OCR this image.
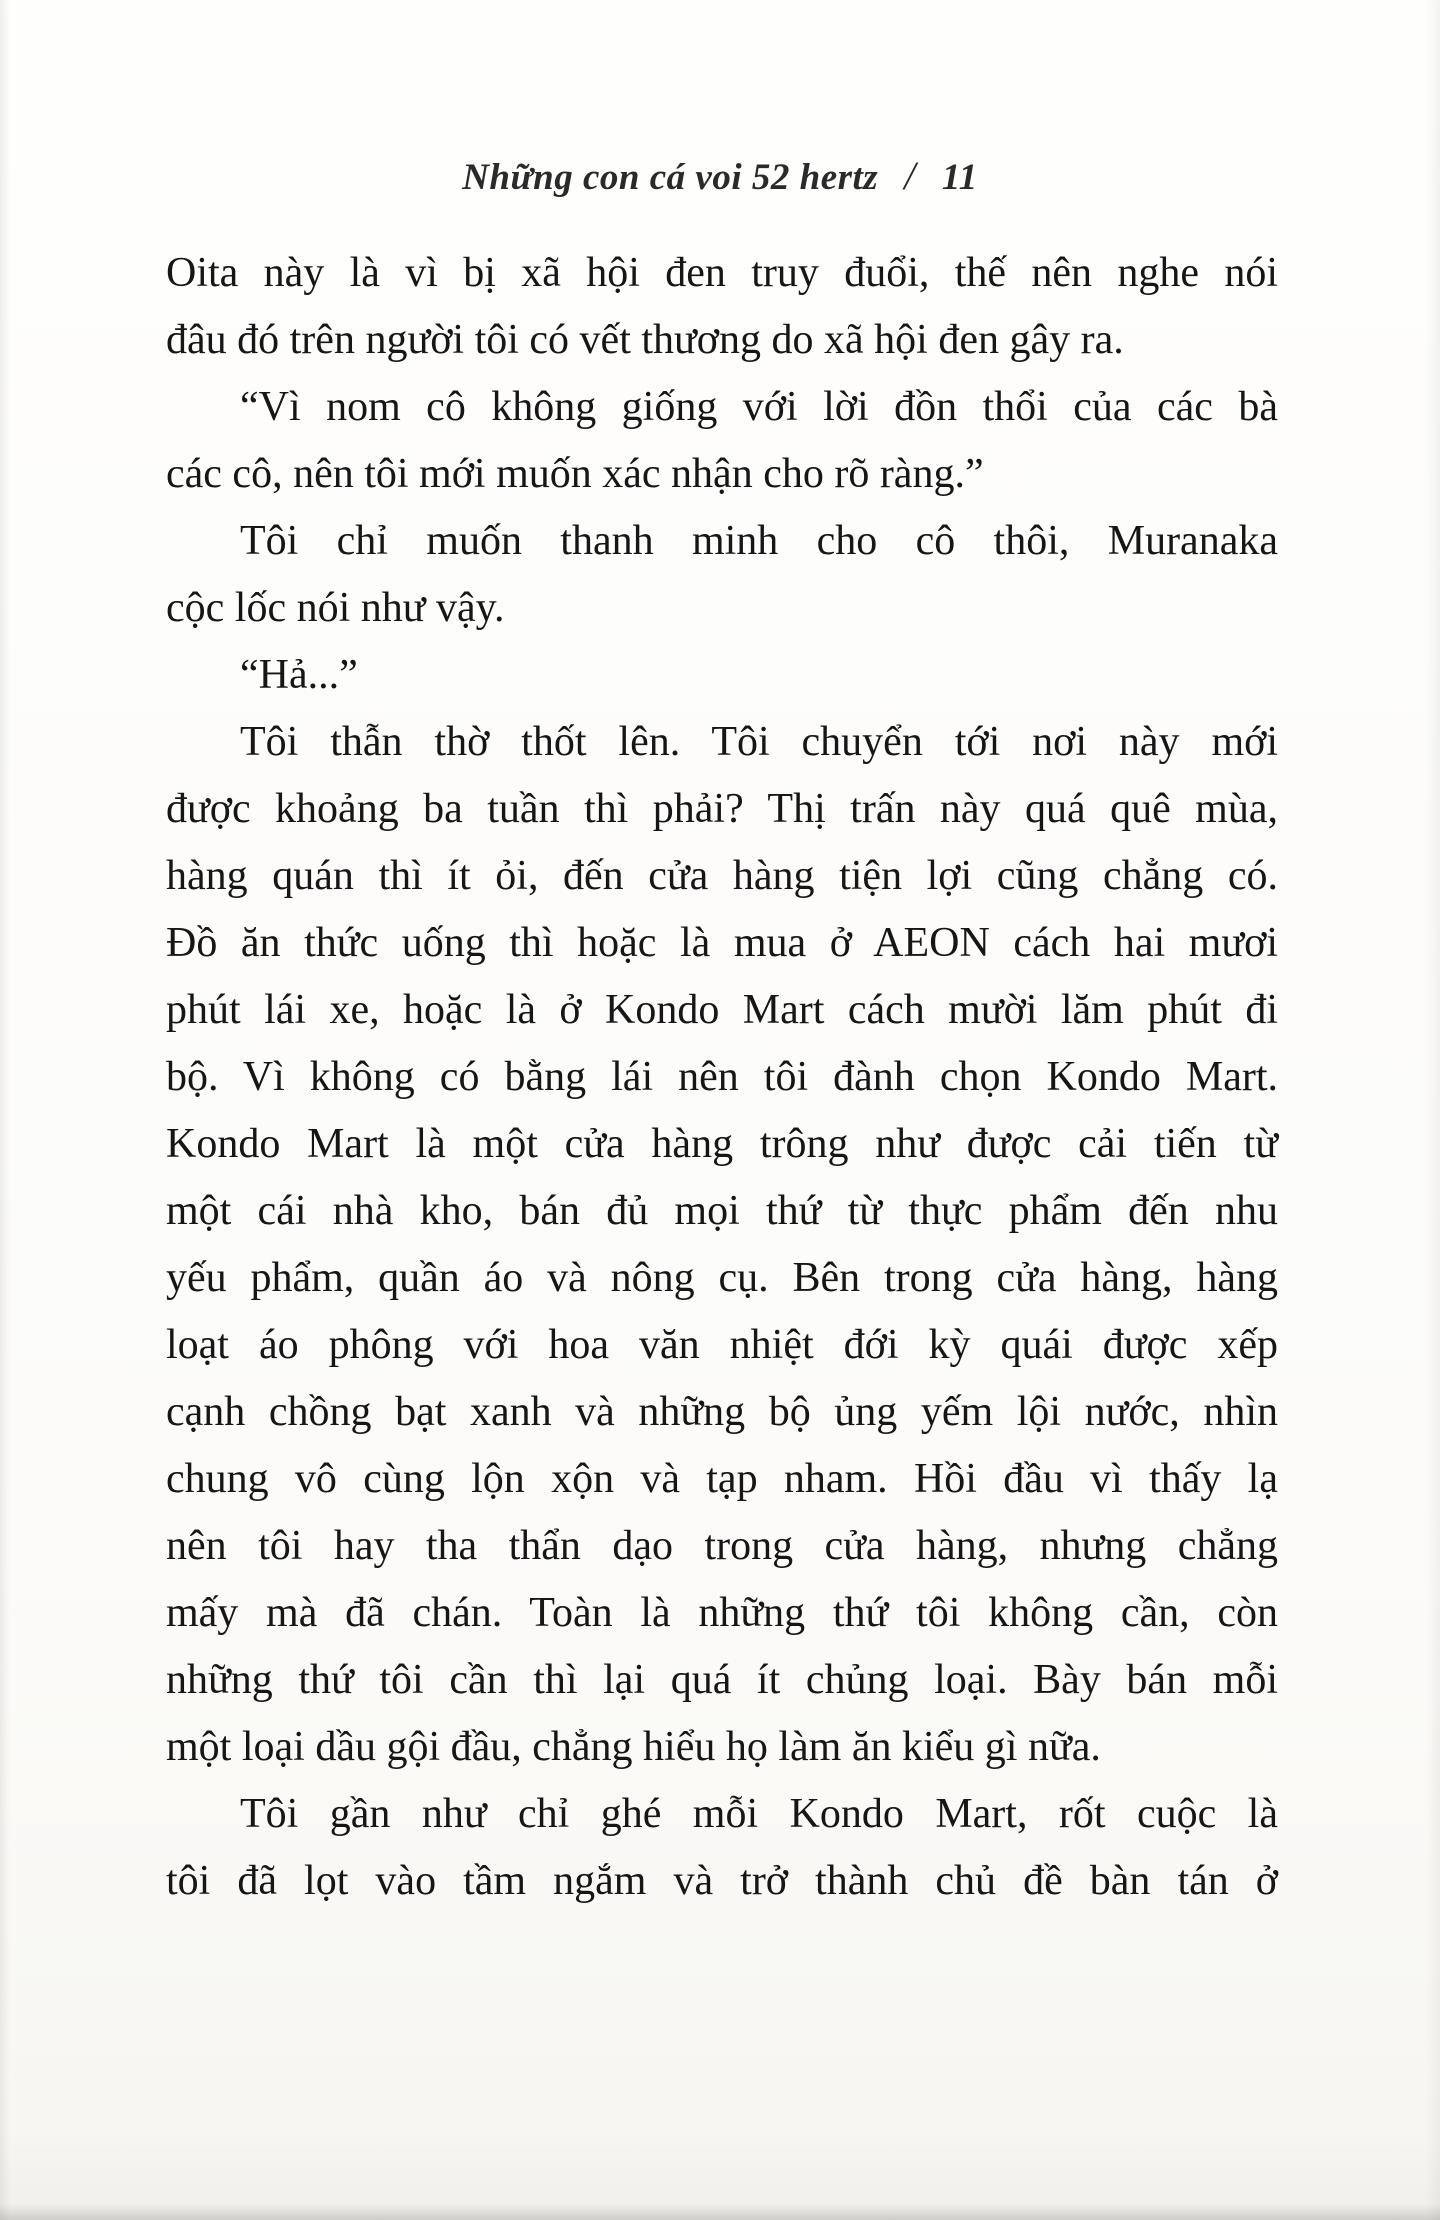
Những con cá voi 52 hertz / 11
Oita này là vì bị xã hội đen truy đuổi, thế nên nghe nói
đâu đó trên người tôi có vết thương do xã hội đen gây ra.
“Vì nom cô không giống với lời đồn thổi của các bà
các cô, nên tôi mới muốn xác nhận cho rõ ràng.”
Tôi chỉ muốn thanh minh cho cô thôi, Muranaka
cộc lốc nói như vậy.
“Hả...”
Tôi thẫn thờ thốt lên. Tôi chuyển tới nơi này mới
được khoảng ba tuần thì phải? Thị trấn này quá quê mùa,
hàng quán thì ít ỏi, đến cửa hàng tiện lợi cũng chẳng có.
Đồ ăn thức uống thì hoặc là mua ở AEON cách hai mươi
phút lái xe, hoặc là ở Kondo Mart cách mười lăm phút đi
bộ. Vì không có bằng lái nên tôi đành chọn Kondo Mart.
Kondo Mart là một cửa hàng trông như được cải tiến từ
một cái nhà kho, bán đủ mọi thứ từ thực phẩm đến nhu
yếu phẩm, quần áo và nông cụ. Bên trong cửa hàng, hàng
loạt áo phông với hoa văn nhiệt đới kỳ quái được xếp
cạnh chồng bạt xanh và những bộ ủng yếm lội nước, nhìn
chung vô cùng lộn xộn và tạp nham. Hồi đầu vì thấy lạ
nên tôi hay tha thẩn dạo trong cửa hàng, nhưng chẳng
mấy mà đã chán. Toàn là những thứ tôi không cần, còn
những thứ tôi cần thì lại quá ít chủng loại. Bày bán mỗi
một loại dầu gội đầu, chẳng hiểu họ làm ăn kiểu gì nữa.
Tôi gần như chỉ ghé mỗi Kondo Mart, rốt cuộc là
tôi đã lọt vào tầm ngắm và trở thành chủ đề bàn tán ở
